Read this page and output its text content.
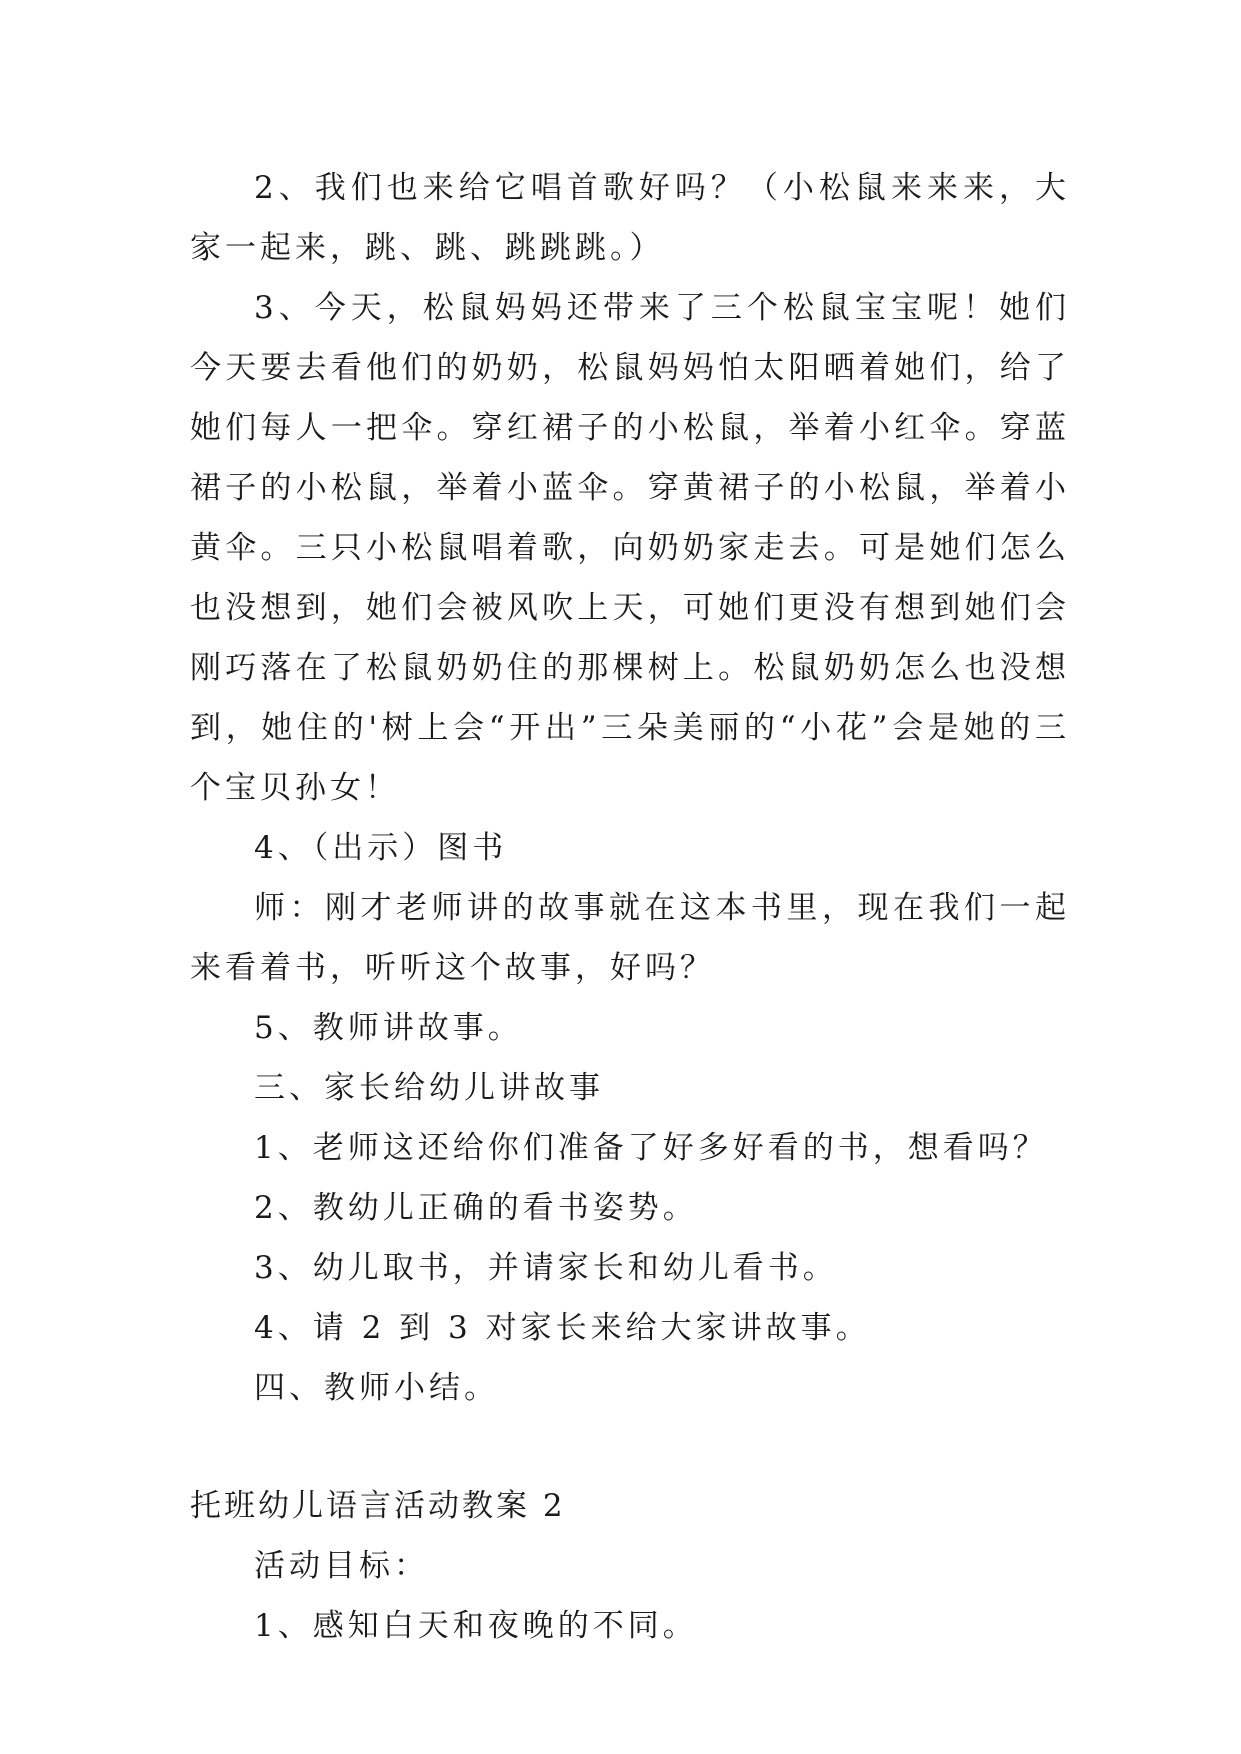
2、我们也来给它唱首歌好吗？（小松鼠来来来，大家一起来，跳、跳、跳跳跳。）

3、今天，松鼠妈妈还带来了三个松鼠宝宝呢！她们今天要去看他们的奶奶，松鼠妈妈怕太阳晒着她们，给了她们每人一把伞。穿红裙子的小松鼠，举着小红伞。穿蓝裙子的小松鼠，举着小蓝伞。穿黄裙子的小松鼠，举着小黄伞。三只小松鼠唱着歌，向奶奶家走去。可是她们怎么也没想到，她们会被风吹上天，可她们更没有想到她们会刚巧落在了松鼠奶奶住的那棵树上。松鼠奶奶怎么也没想到，她住的'树上会“开出”三朵美丽的“小花”会是她的三个宝贝孙女！

4、（出示）图书

师：刚才老师讲的故事就在这本书里，现在我们一起来看着书，听听这个故事，好吗？

5、教师讲故事。

三、家长给幼儿讲故事

1、老师这还给你们准备了好多好看的书，想看吗？

2、教幼儿正确的看书姿势。

3、幼儿取书，并请家长和幼儿看书。

4、请 2 到 3 对家长来给大家讲故事。

四、教师小结。

托班幼儿语言活动教案 2

活动目标：

1、感知白天和夜晚的不同。
